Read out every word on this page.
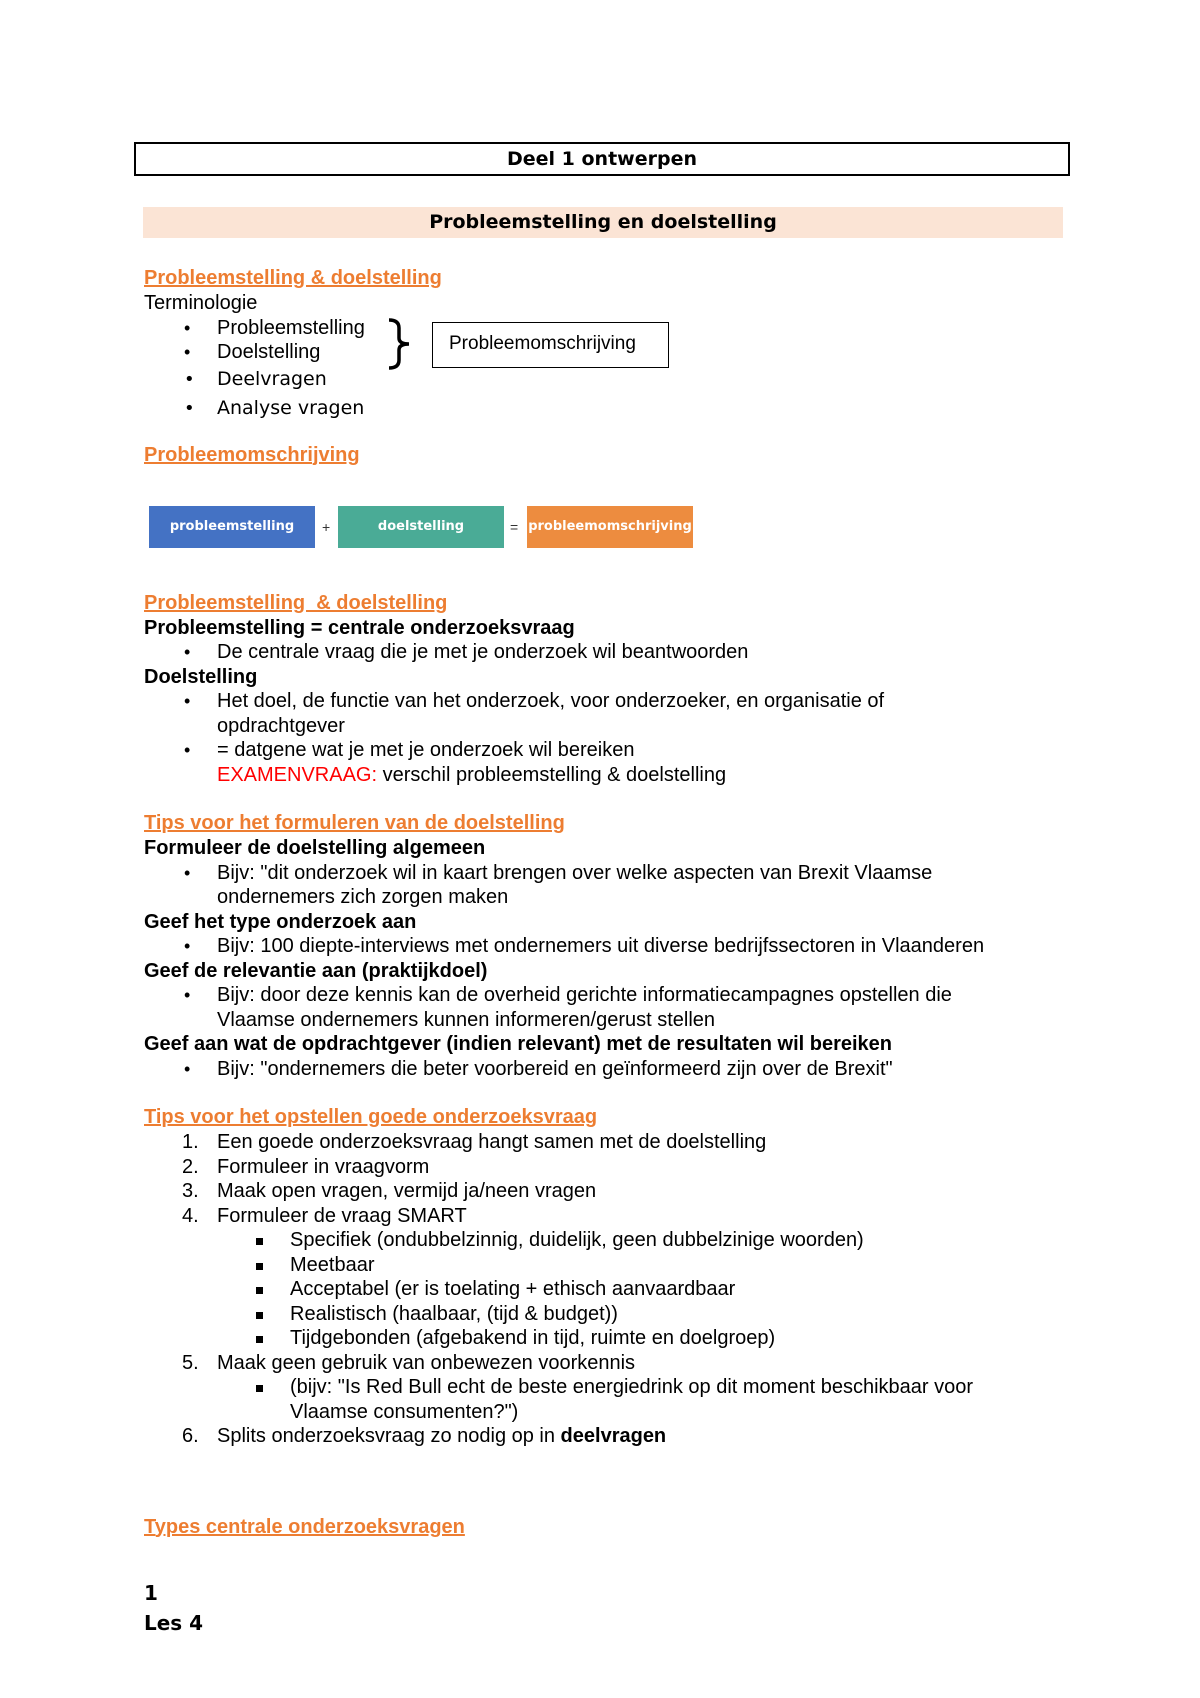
Deel 1 ontwerpen
Probleemstelling en doelstelling
Probleemomschrijving
probleemstelling	+	doelstelling	= probleemomschrijving
Probleemstelling & doelstelling
Terminologie
• Probleemstelling
• Doelstelling
• Deelvragen
• Analyse vragen
Probleemomschrijving
Probleemstelling  & doelstelling
Probleemstelling = centrale onderzoeksvraag
• De centrale vraag die je met je onderzoek wil beantwoorden
Doelstelling
• Het doel, de functie van het onderzoek, voor onderzoeker, en organisatie of
opdrachtgever
• = datgene wat je met je onderzoek wil bereiken
EXAMENVRAAG: verschil probleemstelling & doelstelling
Tips voor het formuleren van de doelstelling
Formuleer de doelstelling algemeen
• Bijv: "dit onderzoek wil in kaart brengen over welke aspecten van Brexit Vlaamse
ondernemers zich zorgen maken
Geef het type onderzoek aan
• Bijv: 100 diepte-interviews met ondernemers uit diverse bedrijfssectoren in Vlaanderen
Geef de relevantie aan (praktijkdoel)
• Bijv: door deze kennis kan de overheid gerichte informatiecampagnes opstellen die
Vlaamse ondernemers kunnen informeren/gerust stellen
Geef aan wat de opdrachtgever (indien relevant) met de resultaten wil bereiken
• Bijv: "ondernemers die beter voorbereid en geïnformeerd zijn over de Brexit"
Tips voor het opstellen goede onderzoeksvraag
1. Een goede onderzoeksvraag hangt samen met de doelstelling
2. Formuleer in vraagvorm
3. Maak open vragen, vermijd ja/neen vragen
4. Formuleer de vraag SMART
Specifiek (ondubbelzinnig, duidelijk, geen dubbelzinige woorden)
Meetbaar
Acceptabel (er is toelating + ethisch aanvaardbaar
Realistisch (haalbaar, (tijd & budget))
Tijdgebonden (afgebakend in tijd, ruimte en doelgroep)
5. Maak geen gebruik van onbewezen voorkennis
(bijv: "Is Red Bull echt de beste energiedrink op dit moment beschikbaar voor
Vlaamse consumenten?")
6. Splits onderzoeksvraag zo nodig op in deelvragen
Types centrale onderzoeksvragen
1
Les 4
